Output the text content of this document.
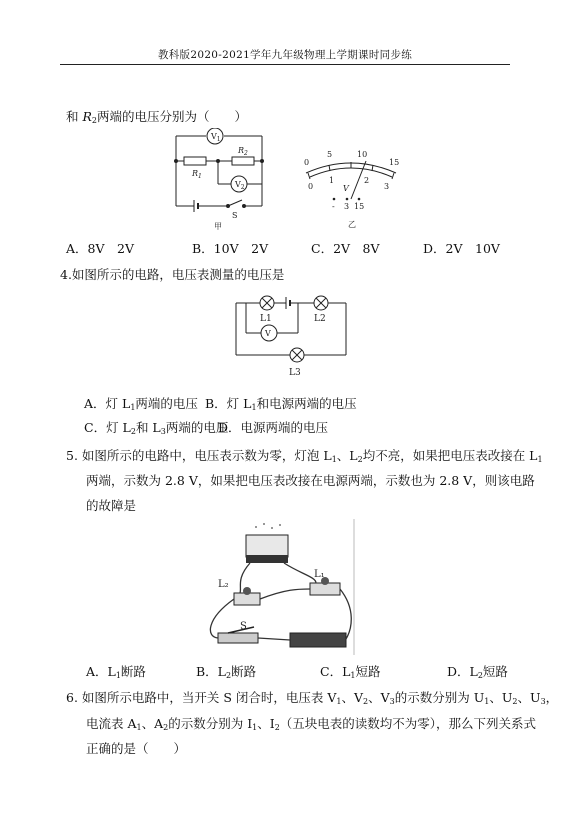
教科版2020-2021学年九年级物理上学期课时同步练
和 $R_2$两端的电压分别为（　　）
$V_1$
$V_2$
$R_1$
$R_2$
S
甲
0
5	10
15
0
1	2
3
V
- 3 15
乙
A．8V　2V	B．10V　2V	C．2V　8V	D．2V　10V
4.如图所示的电路，电压表测量的电压是
L1	L2
L3
V
A．灯 $L_1$两端的电压 B．灯 $L_1$和电源两端的电压
C．灯 $L_2$和 $L_3$两端的电压
D．电源两端的电压
5. 如图所示的电路中，电压表示数为零，灯泡 $L_1$、$L_2$均不亮，如果把电压表改接在 $L_1$
两端，示数为 2.8 V，如果把电压表改接在电源两端，示数也为 2.8 V，则该电路
的故障是
L₂
L₁
S
A．$L_1$断路	B．$L_2$断路	C．$L_1$短路	D．$L_2$短路
6. 如图所示电路中，当开关 S 闭合时，电压表 $V_1$、$V_2$、$V_3$的示数分别为 $U_1$、$U_2$、$U_3$，
电流表 $A_1$、$A_2$的示数分别为 $I_1$、$I_2$（五块电表的读数均不为零），那么下列关系式
正确的是（　　）
